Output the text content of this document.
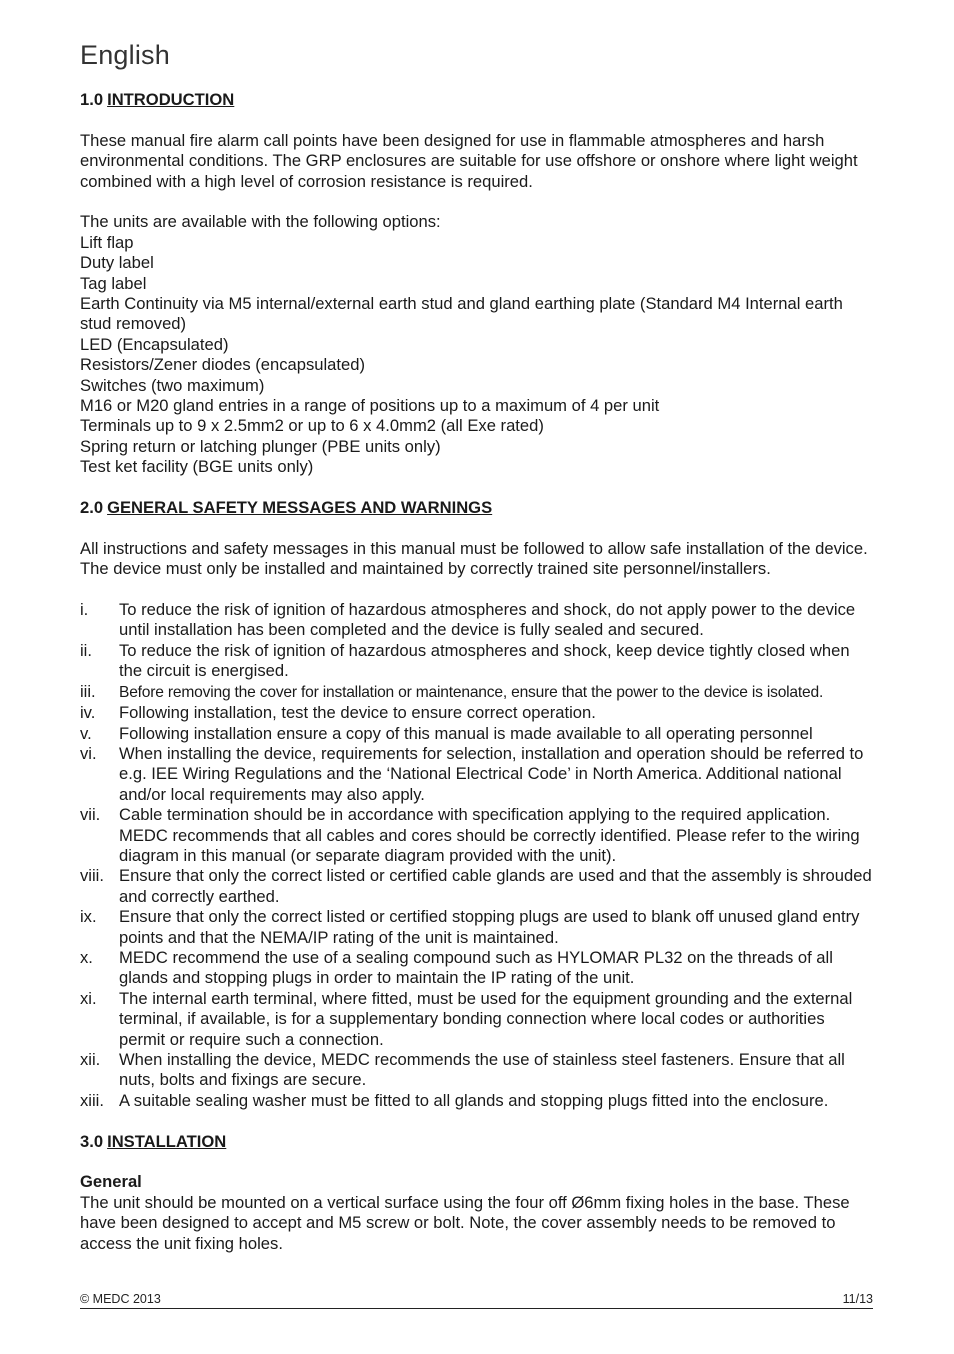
English
1.0 INTRODUCTION

These manual fire alarm call points have been designed for use in flammable atmospheres and harsh environmental conditions. The GRP enclosures are suitable for use offshore or onshore where light weight combined with a high level of corrosion resistance is required.

The units are available with the following options:

Lift flap
Duty label
Tag label
Earth Continuity via M5 internal/external earth stud and gland earthing plate (Standard M4 Internal earth stud removed)
LED (Encapsulated)
Resistors/Zener diodes (encapsulated)
Switches (two maximum)
M16 or M20 gland entries in a range of positions up to a maximum of 4 per unit
Terminals up to 9 x 2.5mm2 or up to 6 x 4.0mm2 (all Exe rated)
Spring return or latching plunger (PBE units only)
Test ket facility (BGE units only)
2.0 GENERAL SAFETY MESSAGES AND WARNINGS

All instructions and safety messages in this manual must be followed to allow safe installation of the device. The device must only be installed and maintained by correctly trained site personnel/installers.

i. To reduce the risk of ignition of hazardous atmospheres and shock, do not apply power to the device until installation has been completed and the device is fully sealed and secured.
ii. To reduce the risk of ignition of hazardous atmospheres and shock, keep device tightly closed when the circuit is energised.
iii. Before removing the cover for installation or maintenance, ensure that the power to the device is isolated.
iv. Following installation, test the device to ensure correct operation.
v. Following installation ensure a copy of this manual is made available to all operating personnel
vi. When installing the device, requirements for selection, installation and operation should be referred to e.g. IEE Wiring Regulations and the ‘National Electrical Code’ in North America. Additional national and/or local requirements may also apply.
vii. Cable termination should be in accordance with specification applying to the required application. MEDC recommends that all cables and cores should be correctly identified. Please refer to the wiring diagram in this manual (or separate diagram provided with the unit).
viii. Ensure that only the correct listed or certified cable glands are used and that the assembly is shrouded and correctly earthed.
ix. Ensure that only the correct listed or certified stopping plugs are used to blank off unused gland entry points and that the NEMA/IP rating of the unit is maintained.
x. MEDC recommend the use of a sealing compound such as HYLOMAR PL32 on the threads of all glands and stopping plugs in order to maintain the IP rating of the unit.
xi. The internal earth terminal, where fitted, must be used for the equipment grounding and the external terminal, if available, is for a supplementary bonding connection where local codes or authorities permit or require such a connection.
xii. When installing the device, MEDC recommends the use of stainless steel fasteners. Ensure that all nuts, bolts and fixings are secure.
xiii. A suitable sealing washer must be fitted to all glands and stopping plugs fitted into the enclosure.
3.0 INSTALLATION

General

The unit should be mounted on a vertical surface using the four off Ø6mm fixing holes in the base. These have been designed to accept and M5 screw or bolt. Note, the cover assembly needs to be removed to access the unit fixing holes.

© MEDC 2013	11/13
